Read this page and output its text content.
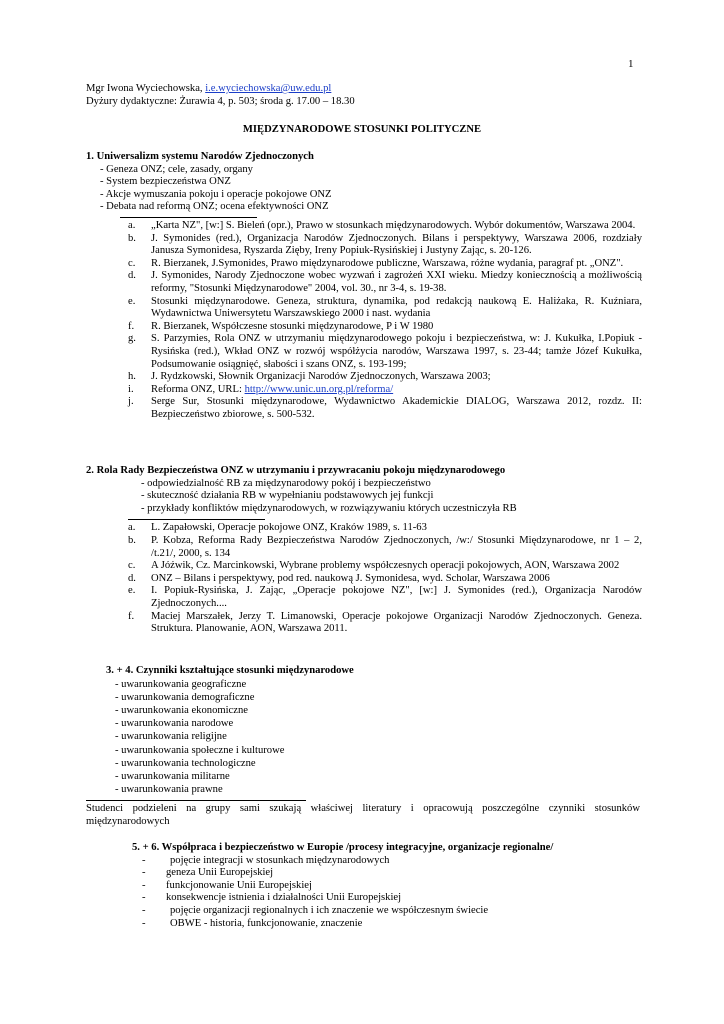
1
Mgr Iwona Wyciechowska, i.e.wyciechowska@uw.edu.pl
Dyżury dydaktyczne: Żurawia 4, p. 503; środa g. 17.00 – 18.30
MIĘDZYNARODOWE STOSUNKI POLITYCZNE
1. Uniwersalizm systemu Narodów Zjednoczonych
- Geneza ONZ; cele, zasady, organy
- System bezpieczeństwa ONZ
- Akcje wymuszania pokoju i operacje pokojowe ONZ
- Debata nad reformą ONZ; ocena efektywności ONZ
a.	„Karta NZ", [w:] S. Bieleń (opr.), Prawo w stosunkach międzynarodowych. Wybór dokumentów, Warszawa 2004.
b.	J. Symonides (red.), Organizacja Narodów Zjednoczonych. Bilans i perspektywy, Warszawa 2006, rozdziały Janusza Symonidesa, Ryszarda Zięby, Ireny Popiuk-Rysińskiej i Justyny Zając, s. 20-126.
c.	R. Bierzanek, J.Symonides, Prawo międzynarodowe publiczne, Warszawa, różne wydania, paragraf pt. „ONZ".
d.	J. Symonides, Narody Zjednoczone wobec wyzwań i zagrożeń XXI wieku. Miedzy koniecznością a możliwością reformy, "Stosunki Międzynarodowe" 2004, vol. 30., nr 3-4, s. 19-38.
e.	Stosunki międzynarodowe. Geneza, struktura, dynamika, pod redakcją naukową E. Haliżaka, R. Kuźniara, Wydawnictwa Uniwersytetu Warszawskiego 2000 i nast. wydania
f.	R. Bierzanek, Współczesne stosunki międzynarodowe, P i W 1980
g.	S. Parzymies, Rola ONZ w utrzymaniu międzynarodowego pokoju i bezpieczeństwa, w: J. Kukułka, I.Popiuk -Rysińska (red.), Wkład ONZ w rozwój współżycia narodów, Warszawa 1997, s. 23-44; tamże Józef Kukułka, Podsumowanie osiągnięć, słabości i szans ONZ, s. 193-199;
h.	J. Rydzkowski, Słownik Organizacji Narodów Zjednoczonych, Warszawa 2003;
i.	Reforma ONZ, URL: http://www.unic.un.org.pl/reforma/
j.	Serge Sur, Stosunki międzynarodowe, Wydawnictwo Akademickie DIALOG, Warszawa 2012, rozdz. II: Bezpieczeństwo zbiorowe, s. 500-532.
2. Rola Rady Bezpieczeństwa ONZ w utrzymaniu i przywracaniu pokoju międzynarodowego
- odpowiedzialność RB za międzynarodowy pokój i bezpieczeństwo
- skuteczność działania RB w wypełnianiu podstawowych jej funkcji
- przykłady konfliktów międzynarodowych, w rozwiązywaniu których uczestniczyła RB
a.	L. Zapałowski, Operacje pokojowe ONZ, Kraków 1989, s. 11-63
b.	P. Kobza, Reforma Rady Bezpieczeństwa Narodów Zjednoczonych, /w:/ Stosunki Międzynarodowe, nr 1 – 2, /t.21/, 2000, s. 134
c.	A Jóźwik, Cz. Marcinkowski, Wybrane problemy współczesnych operacji pokojowych, AON, Warszawa 2002
d.	ONZ – Bilans i perspektywy, pod red. naukową J. Symonidesa, wyd. Scholar, Warszawa 2006
e.	I. Popiuk-Rysińska, J. Zając, „Operacje pokojowe NZ", [w:] J. Symonides (red.), Organizacja Narodów Zjednoczonych....
f.	Maciej Marszałek, Jerzy T. Limanowski, Operacje pokojowe Organizacji Narodów Zjednoczonych. Geneza. Struktura. Planowanie, AON, Warszawa 2011.
3. + 4. Czynniki kształtujące stosunki międzynarodowe
- uwarunkowania geograficzne
- uwarunkowania demograficzne
- uwarunkowania ekonomiczne
- uwarunkowania narodowe
- uwarunkowania religijne
- uwarunkowania społeczne i kulturowe
- uwarunkowania technologiczne
- uwarunkowania militarne
- uwarunkowania prawne
Studenci podzieleni na grupy sami szukają właściwej literatury i opracowują poszczególne czynniki stosunków międzynarodowych
5. + 6. Współpraca i bezpieczeństwo w Europie /procesy integracyjne, organizacje regionalne/
-	pojęcie integracji w stosunkach międzynarodowych
-	geneza Unii Europejskiej
-	funkcjonowanie Unii Europejskiej
-	konsekwencje istnienia i działalności Unii Europejskiej
-	pojęcie organizacji regionalnych i ich znaczenie we współczesnym świecie
-	OBWE - historia, funkcjonowanie, znaczenie
